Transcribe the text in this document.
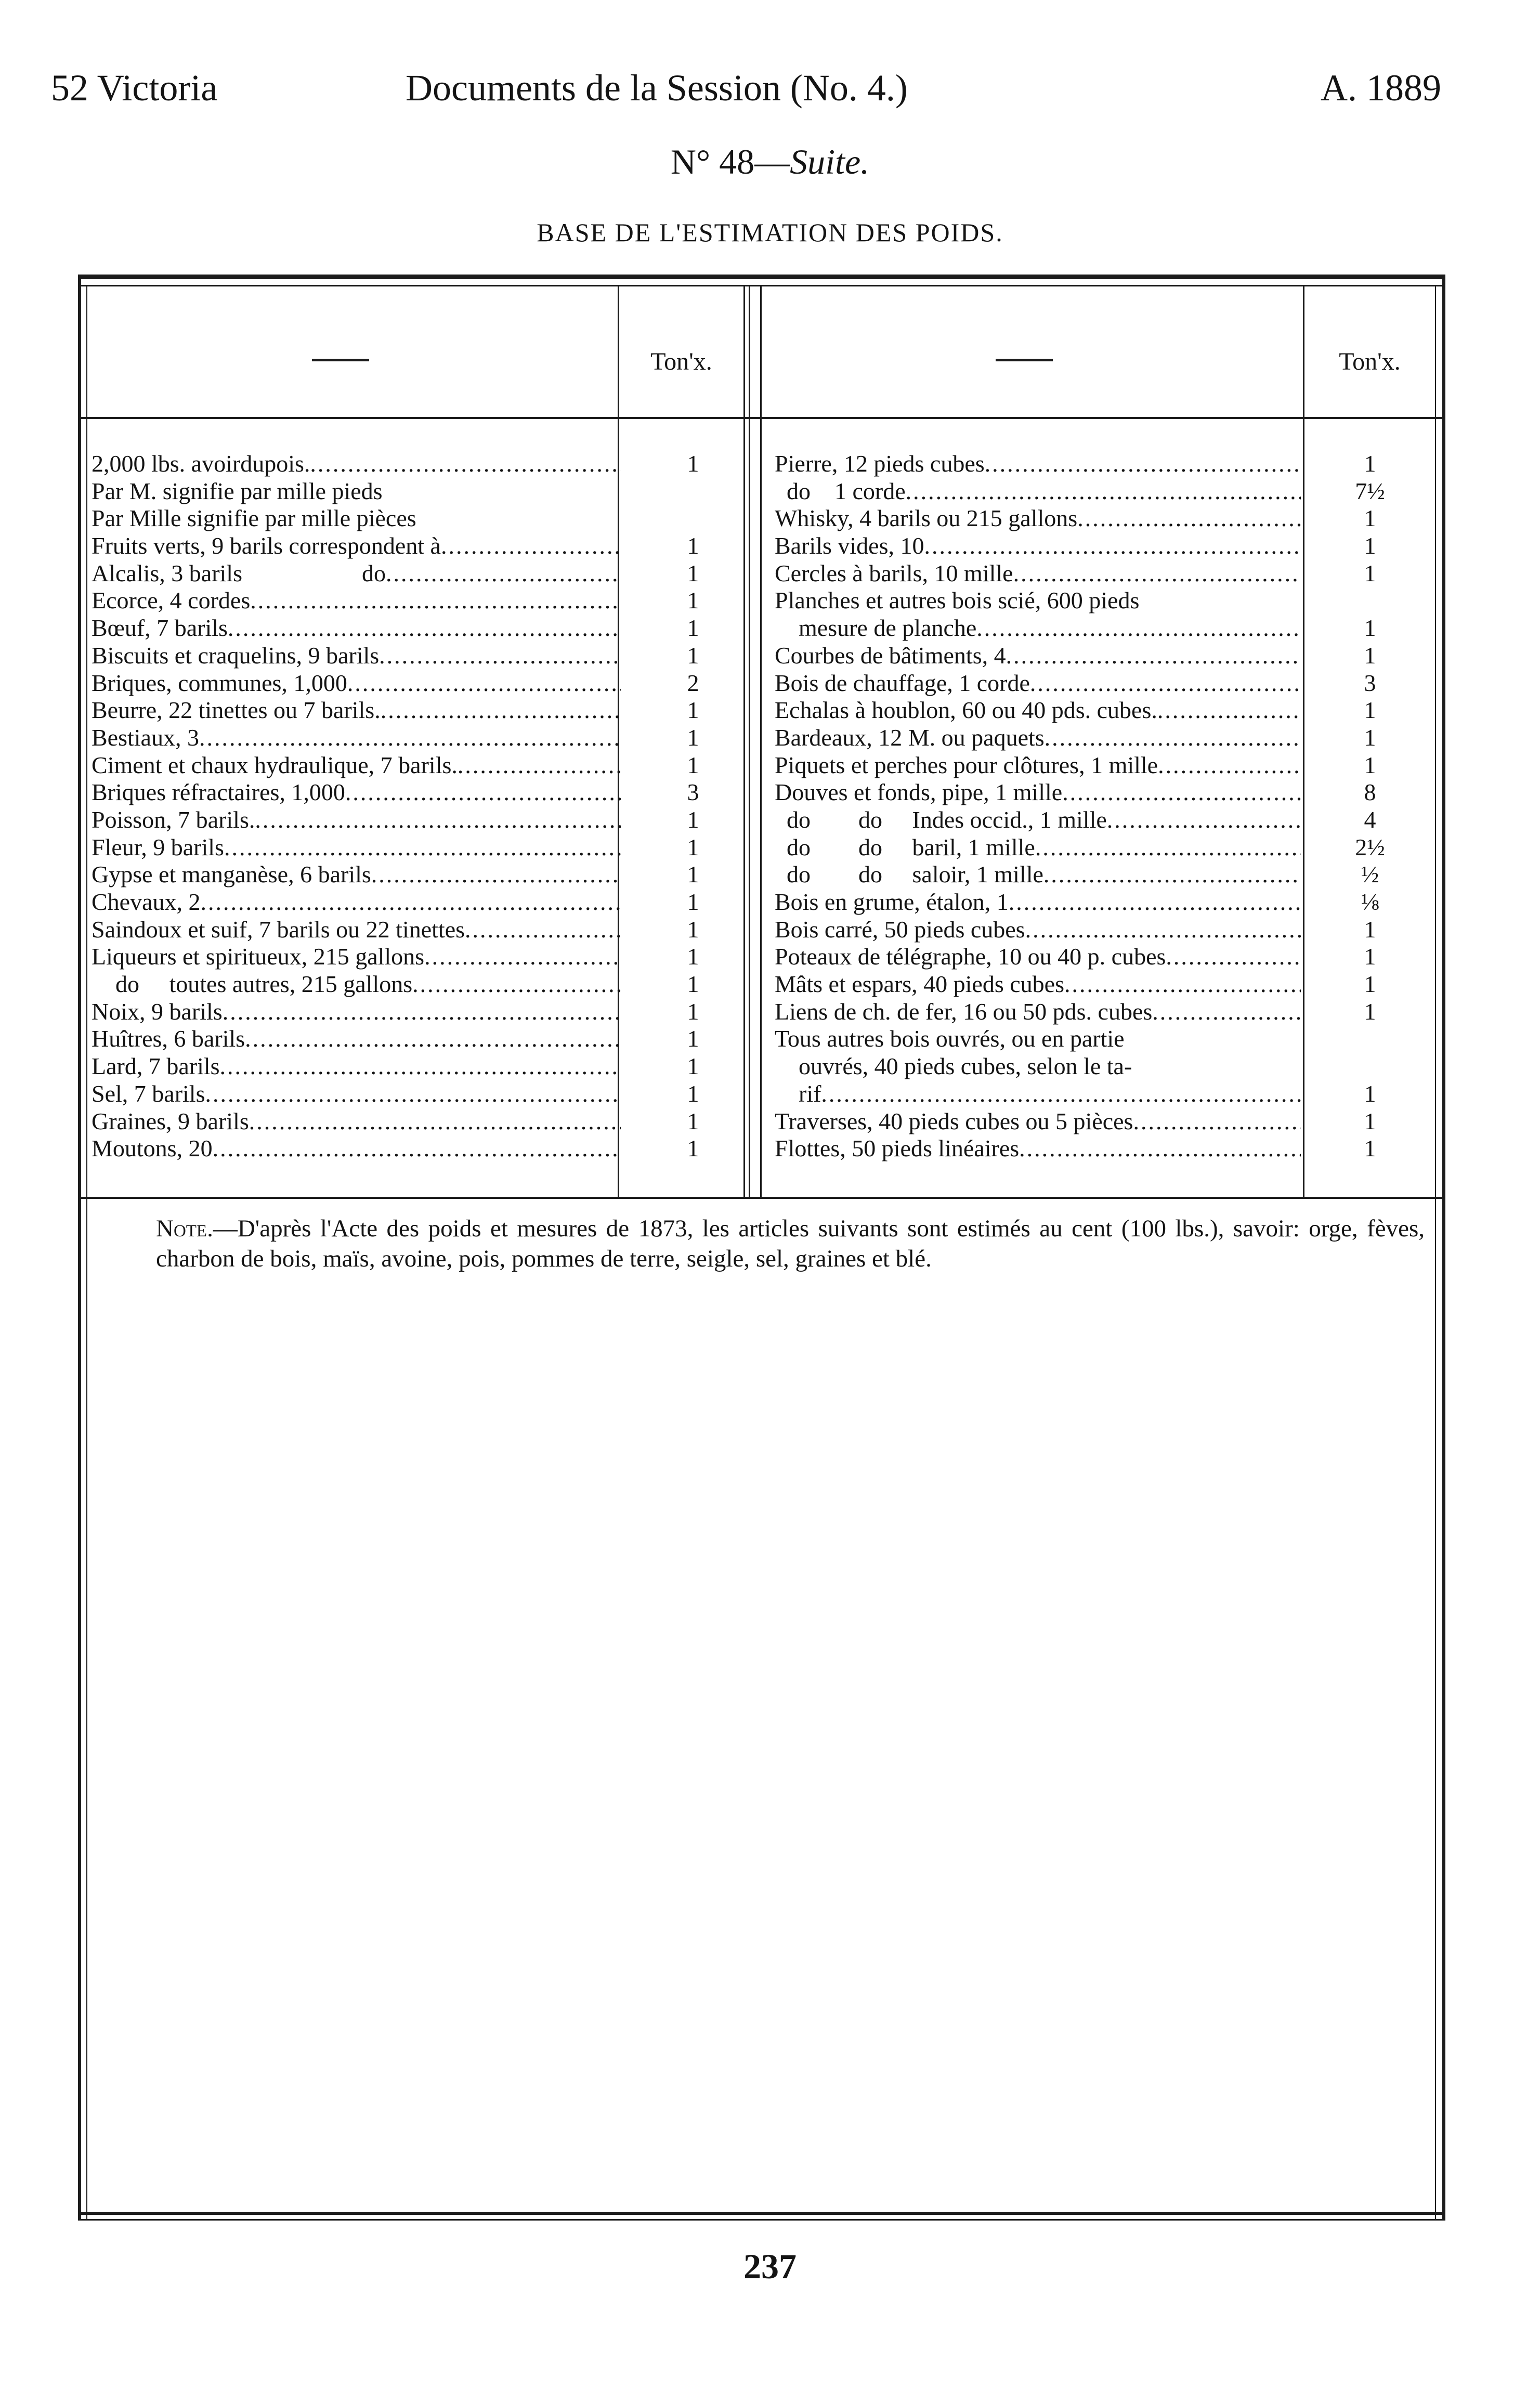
52 Victoria	Documents de la Session (No. 4.)	A. 1889
N° 48—Suite.
BASE DE L'ESTIMATION DES POIDS.
Ton'x.	Ton'x.
2,000 lbs. avoirdupois. .....	1
Par M. signifie par mille pieds
Par Mille signifie par mille pièces
Fruits verts, 9 barils correspondent à .....	1
Alcalis, 3 barils                    do .....	1
Ecorce, 4 cordes .....	1
Bœuf, 7 barils .....	1
Biscuits et craquelins, 9 barils .....	1
Briques, communes, 1,000 .....	2
Beurre, 22 tinettes ou 7 barils. .....	1
Bestiaux, 3 .....	1
Ciment et chaux hydraulique, 7 barils. .....	1
Briques réfractaires, 1,000 .....	3
Poisson, 7 barils. .....	1
Fleur, 9 barils .....	1
Gypse et manganèse, 6 barils .....	1
Chevaux, 2 .....	1
Saindoux et suif, 7 barils ou 22 tinettes .....	1
Liqueurs et spiritueux, 215 gallons .....	1
do     toutes autres, 215 gallons .....	1
Noix, 9 barils .....	1
Huîtres, 6 barils .....	1
Lard, 7 barils .....	1
Sel, 7 barils .....	1
Graines, 9 barils .....	1
Moutons, 20 .....	1
Pierre, 12 pieds cubes .....	1
do    1 corde .....	7½
Whisky, 4 barils ou 215 gallons .....	1
Barils vides, 10 .....	1
Cercles à barils, 10 mille .....	1
Planches et autres bois scié, 600 pieds
mesure de planche .....	1
Courbes de bâtiments, 4 .....	1
Bois de chauffage, 1 corde .....	3
Echalas à houblon, 60 ou 40 pds. cubes. .....	1
Bardeaux, 12 M. ou paquets .....	1
Piquets et perches pour clôtures, 1 mille .....	1
Douves et fonds, pipe, 1 mille .....	8
do        do     Indes occid., 1 mille .....	4
do        do     baril, 1 mille .....	2½
do        do     saloir, 1 mille .....	½
Bois en grume, étalon, 1 .....	⅛
Bois carré, 50 pieds cubes .....	1
Poteaux de télégraphe, 10 ou 40 p. cubes .....	1
Mâts et espars, 40 pieds cubes .....	1
Liens de ch. de fer, 16 ou 50 pds. cubes .....	1
Tous autres bois ouvrés, ou en partie
ouvrés, 40 pieds cubes, selon le ta-
rif .....	1
Traverses, 40 pieds cubes ou 5 pièces .....	1
Flottes, 50 pieds linéaires .....	1
Note.—D'après l'Acte des poids et mesures de 1873, les articles suivants sont estimés au cent (100 lbs.), savoir: orge, fèves, charbon de bois, maïs, avoine, pois, pommes de terre, seigle, sel, graines et blé.
237
